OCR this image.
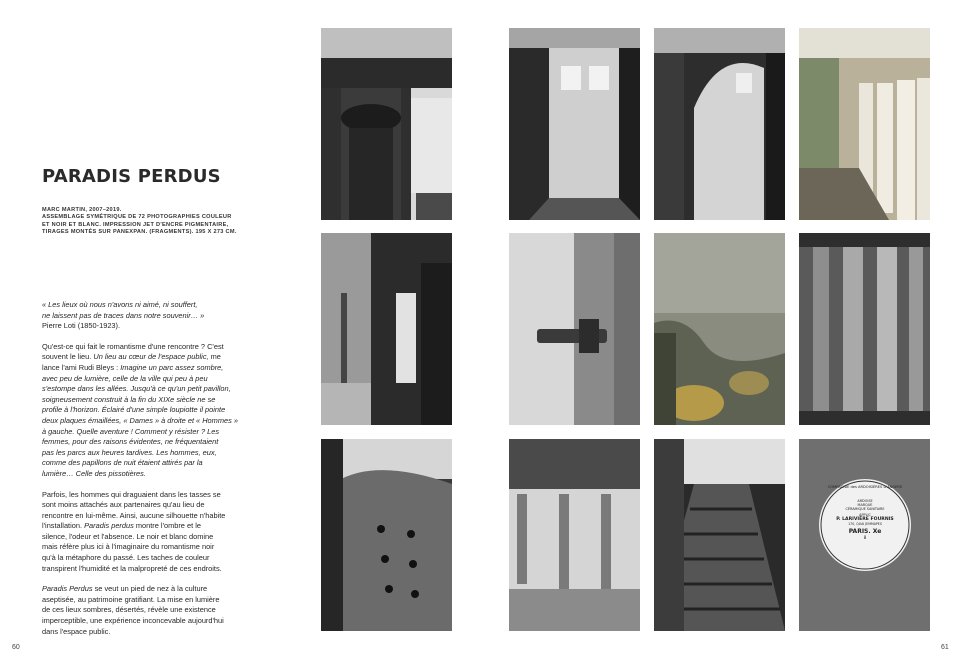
PARADIS PERDUS
MARC MARTIN, 2007–2019.
ASSEMBLAGE SYMÉTRIQUE DE 72 PHOTOGRAPHIES COULEUR
ET NOIR ET BLANC. IMPRESSION JET D'ENCRE PIGMENTAIRE,
TIRAGES MONTÉS SUR PANEXPAN. (FRAGMENTS). 195 X 273 CM.

« Les lieux où nous n'avons ni aimé, ni souffert,
ne laissent pas de traces dans notre souvenir… »
Pierre Loti (1850-1923).

Qu'est-ce qui fait le romantisme d'une rencontre ? C'est
souvent le lieu. Un lieu au cœur de l'espace public, me
lance l'ami Rudi Bleys : Imagine un parc assez sombre,
avec peu de lumière, celle de la ville qui peu à peu
s'estompe dans les allées. Jusqu'à ce qu'un petit pavillon,
soigneusement construit à la fin du XIXe siècle ne se
profile à l'horizon. Éclairé d'une simple loupiotte il pointe
deux plaques émaillées, « Dames » à droite et « Hommes »
à gauche. Quelle aventure ! Comment y résister ? Les
femmes, pour des raisons évidentes, ne fréquentaient
pas les parcs aux heures tardives. Les hommes, eux,
comme des papillons de nuit étaient attirés par la
lumière… Celle des pissotières.

Parfois, les hommes qui draguaient dans les tasses se
sont moins attachés aux partenaires qu'au lieu de
rencontre en lui-même. Ainsi, aucune silhouette n'habite
l'installation. Paradis perdus montre l'ombre et le
silence, l'odeur et l'absence. Le noir et blanc domine
mais réfère plus ici à l'imaginaire du romantisme noir
qu'à la métaphore du passé. Les taches de couleur
transpirent l'humidité et la malpropreté de ces endroits.

Paradis Perdus se veut un pied de nez à la culture
aseptisée, au patrimoine gratifiant. La mise en lumière
de ces lieux sombres, désertés, révèle une existence
imperceptible, une expérience inconcevable aujourd'hui
dans l'espace public.

60	61
COMPAGNIE des ARDOISIÈRES D'ANGERS
ARDOISE
MARQUE
CÉRAMIQUE SANITAIRE
APPLIC
P. LARIVIÈRE FOURNIS
170, QUAI JEMMAPES
PARIS. Xe
8
